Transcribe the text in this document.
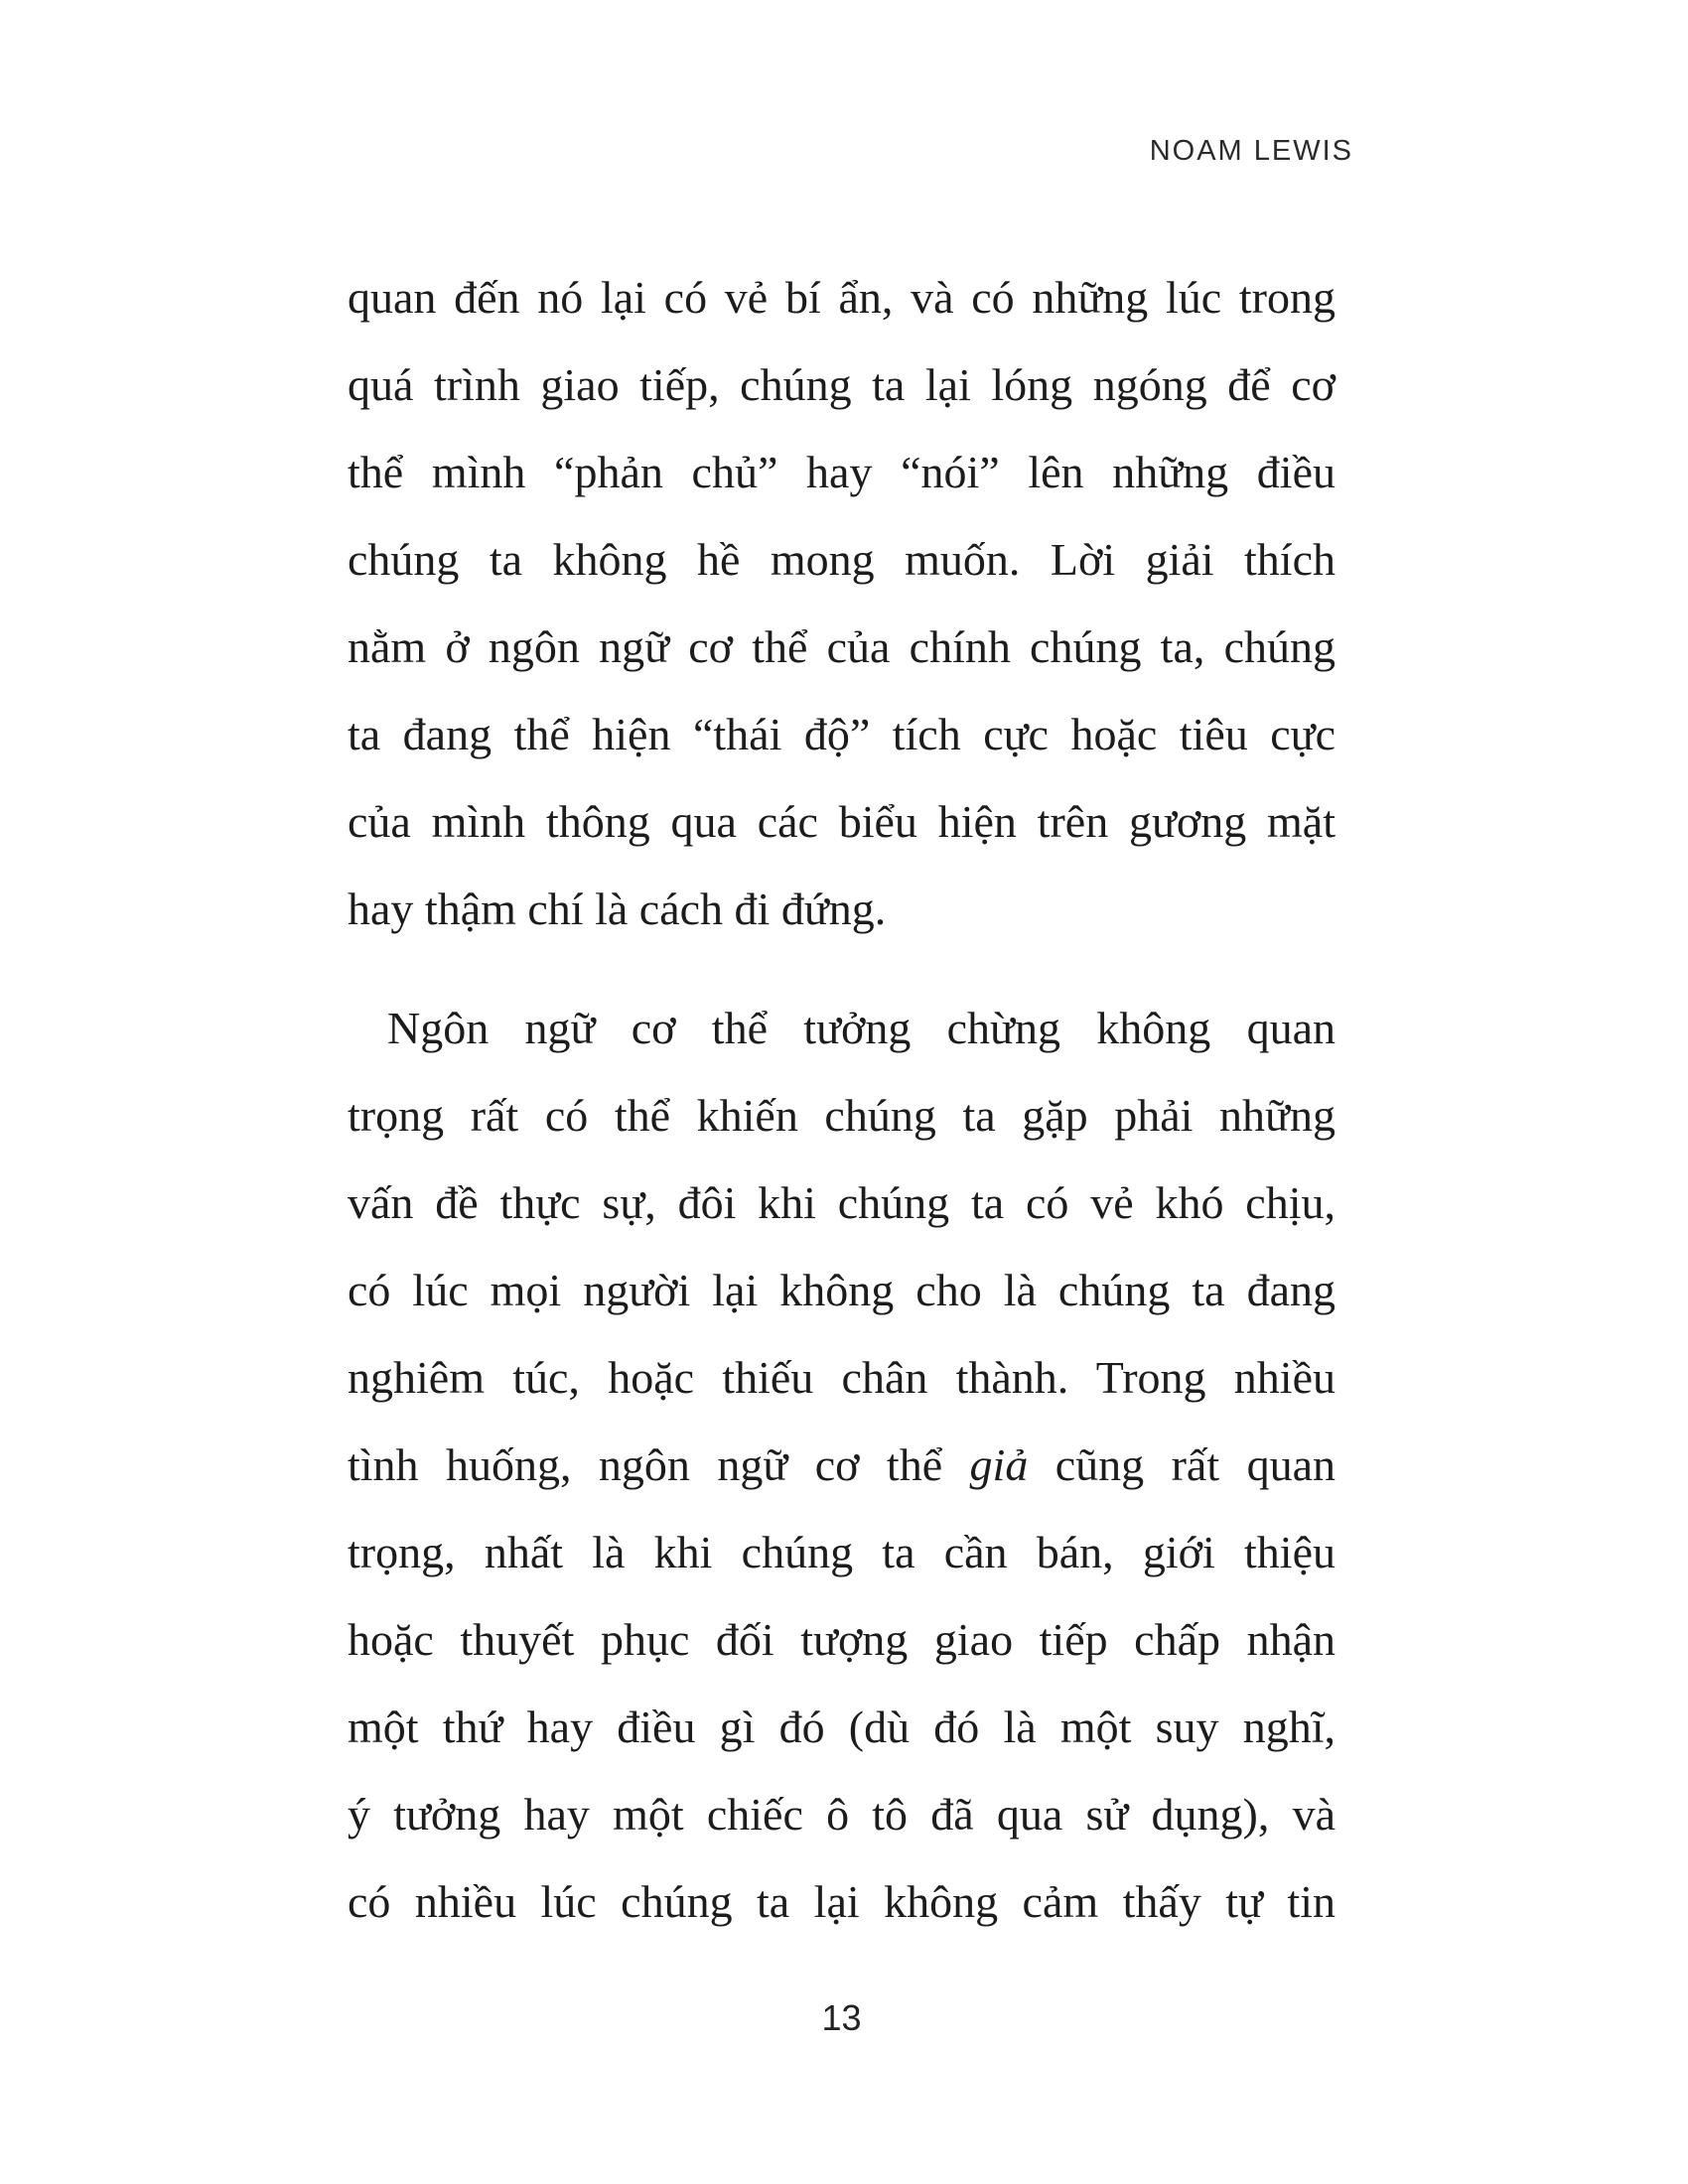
NOAM LEWIS
quan đến nó lại có vẻ bí ẩn, và có những lúc trong
quá trình giao tiếp, chúng ta lại lóng ngóng để cơ
thể mình “phản chủ” hay “nói” lên những điều
chúng ta không hề mong muốn. Lời giải thích
nằm ở ngôn ngữ cơ thể của chính chúng ta, chúng
ta đang thể hiện “thái độ” tích cực hoặc tiêu cực
của mình thông qua các biểu hiện trên gương mặt
hay thậm chí là cách đi đứng.
Ngôn ngữ cơ thể tưởng chừng không quan
trọng rất có thể khiến chúng ta gặp phải những
vấn đề thực sự, đôi khi chúng ta có vẻ khó chịu,
có lúc mọi người lại không cho là chúng ta đang
nghiêm túc, hoặc thiếu chân thành. Trong nhiều
tình huống, ngôn ngữ cơ thể giả cũng rất quan
trọng, nhất là khi chúng ta cần bán, giới thiệu
hoặc thuyết phục đối tượng giao tiếp chấp nhận
một thứ hay điều gì đó (dù đó là một suy nghĩ,
ý tưởng hay một chiếc ô tô đã qua sử dụng), và
có nhiều lúc chúng ta lại không cảm thấy tự tin
13
